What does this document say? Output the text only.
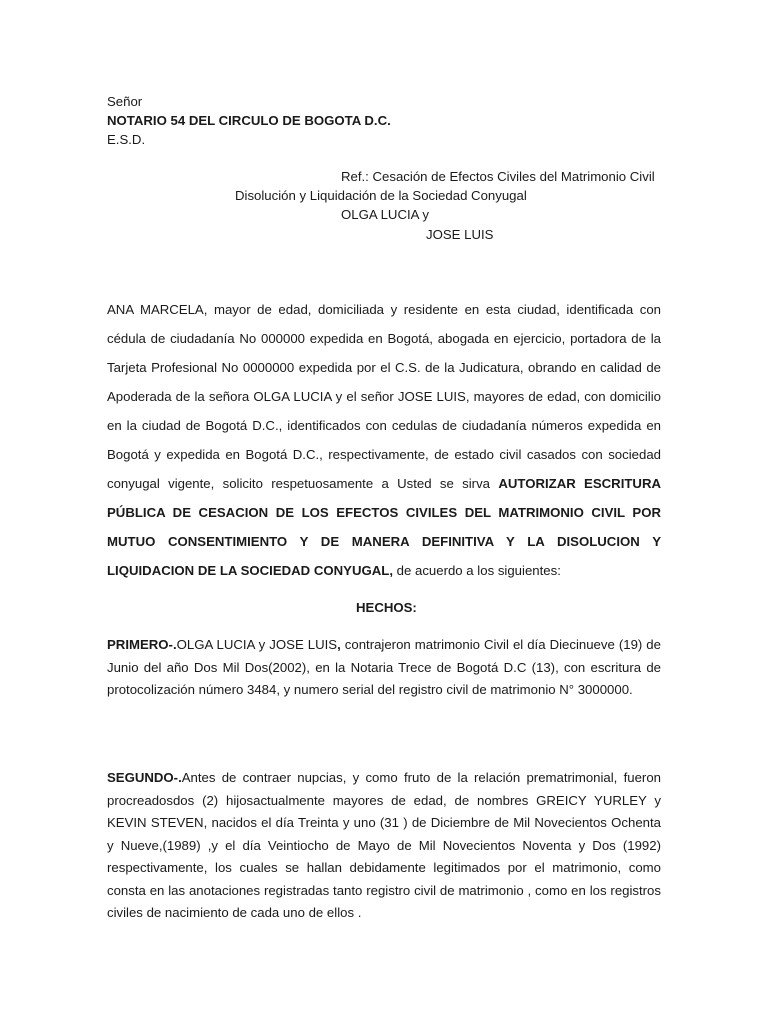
Señor
NOTARIO 54 DEL CIRCULO DE BOGOTA D.C.
E.S.D.
Ref.: Cesación de Efectos Civiles del Matrimonio Civil
Disolución y Liquidación de la Sociedad Conyugal
OLGA LUCIA y
JOSE LUIS

ANA MARCELA, mayor de edad, domiciliada y residente en esta ciudad, identificada con cédula de ciudadanía No 000000 expedida en Bogotá, abogada en ejercicio, portadora de la Tarjeta Profesional No 0000000 expedida por el C.S. de la Judicatura, obrando en calidad de Apoderada de la señora OLGA LUCIA y el señor JOSE LUIS, mayores de edad, con domicilio en la ciudad de Bogotá D.C., identificados con cedulas de ciudadanía números expedida en Bogotá y expedida en Bogotá D.C., respectivamente, de estado civil casados con sociedad conyugal vigente, solicito respetuosamente a Usted se sirva AUTORIZAR ESCRITURA PÚBLICA DE CESACION DE LOS EFECTOS CIVILES DEL MATRIMONIO CIVIL POR MUTUO CONSENTIMIENTO Y DE MANERA DEFINITIVA Y LA DISOLUCION Y LIQUIDACION DE LA SOCIEDAD CONYUGAL, de acuerdo a los siguientes:

HECHOS:

PRIMERO-.OLGA LUCIA y JOSE LUIS, contrajeron matrimonio Civil el día Diecinueve (19) de Junio del año Dos Mil Dos(2002), en la Notaria Trece de Bogotá D.C (13), con escritura de protocolización número 3484, y numero serial del registro civil de matrimonio N° 3000000.

SEGUNDO-.Antes de contraer nupcias, y como fruto de la relación prematrimonial, fueron procreadosdos (2) hijosactualmente mayores de edad, de nombres GREICY YURLEY y KEVIN STEVEN, nacidos el día Treinta y uno (31 ) de Diciembre de Mil Novecientos Ochenta y Nueve,(1989) ,y el día Veintiocho de Mayo de Mil Novecientos Noventa y Dos (1992) respectivamente, los cuales se hallan debidamente legitimados por el matrimonio, como consta en las anotaciones registradas tanto registro civil de matrimonio , como en los registros civiles de nacimiento de cada uno de ellos .
